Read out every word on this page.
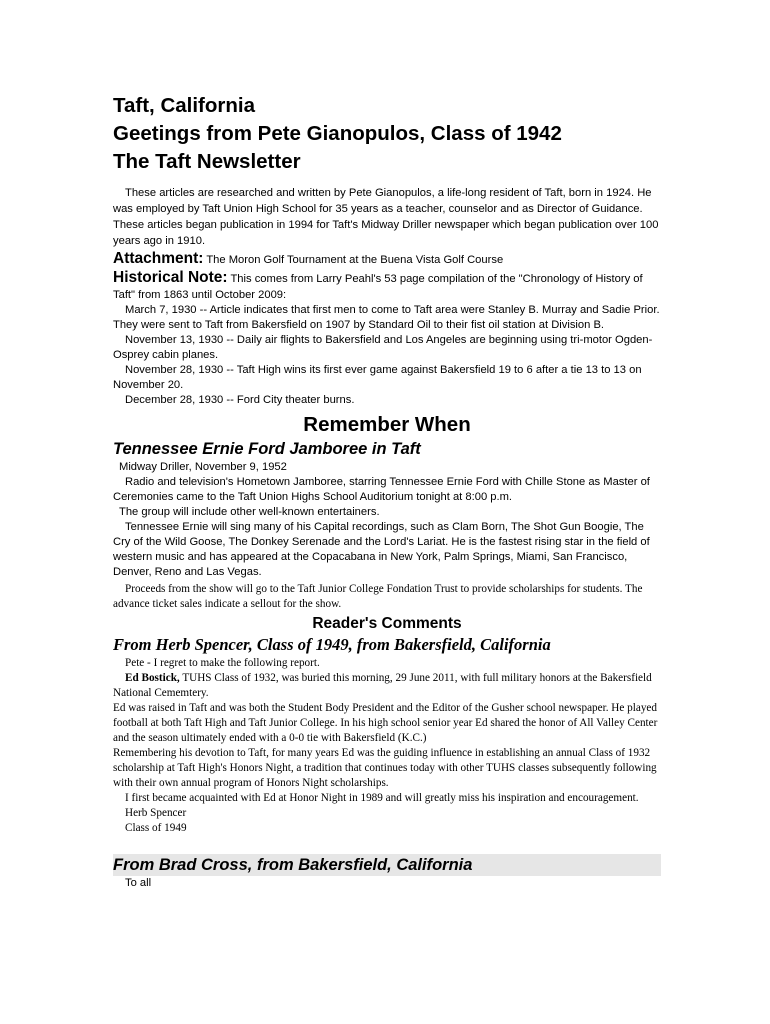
Taft, California
Geetings from Pete Gianopulos, Class of 1942
The Taft Newsletter
These articles are researched and written by Pete Gianopulos, a life-long resident of Taft, born in 1924. He was employed by Taft Union High School for 35 years as a teacher, counselor and as Director of Guidance. These articles began publication in 1994 for Taft's Midway Driller newspaper which began publication over 100 years ago in 1910.
Attachment: The Moron Golf Tournament at the Buena Vista Golf Course
Historical Note: This comes from Larry Peahl's 53 page compilation of the "Chronology of History of Taft" from 1863 until October 2009:
March 7, 1930 -- Article indicates that first men to come to Taft area were Stanley B. Murray and Sadie Prior. They were sent to Taft from Bakersfield on 1907 by Standard Oil to their fist oil station at Division B.
November 13, 1930 -- Daily air flights to Bakersfield and Los Angeles are beginning using tri-motor Ogden- Osprey cabin planes.
November 28, 1930 -- Taft High wins its first ever game against Bakersfield 19 to 6 after a tie 13 to 13 on November 20.
December 28, 1930 -- Ford City theater burns.
Remember When
Tennessee Ernie Ford Jamboree in Taft
Midway Driller, November 9, 1952
Radio and television's Hometown Jamboree, starring Tennessee Ernie Ford with Chille Stone as Master of Ceremonies came to the Taft Union Highs School Auditorium tonight at 8:00 p.m.
The group will include other well-known entertainers.
Tennessee Ernie will sing many of his Capital recordings, such as Clam Born, The Shot Gun Boogie, The Cry of the Wild Goose, The Donkey Serenade and the Lord's Lariat. He is the fastest rising star in the field of western music and has appeared at the Copacabana in New York, Palm Springs, Miami, San Francisco, Denver, Reno and Las Vegas.
Proceeds from the show will go to the Taft Junior College Fondation Trust to provide scholarships for students. The advance ticket sales indicate a sellout for the show.
Reader's Comments
From Herb Spencer, Class of 1949, from Bakersfield, California
Pete - I regret to make the following report.
Ed Bostick, TUHS Class of 1932, was buried this morning, 29 June 2011, with full military honors at the Bakersfield National Cememtery.
Ed was raised in Taft and was both the Student Body President and the Editor of the Gusher school newspaper. He played football at both Taft High and Taft Junior College. In his high school senior year Ed shared the honor of All Valley Center and the season ultimately ended with a 0-0 tie with Bakersfield (K.C.)
Remembering his devotion to Taft, for many years Ed was the guiding influence in establishing an annual Class of 1932 scholarship at Taft High's Honors Night, a tradition that continues today with other TUHS classes subsequently following with their own annual program of Honors Night scholarships.
I first became acquainted with Ed at Honor Night in 1989 and will greatly miss his inspiration and encouragement.
Herb Spencer
Class of 1949
From Brad Cross, from Bakersfield, California
To all
